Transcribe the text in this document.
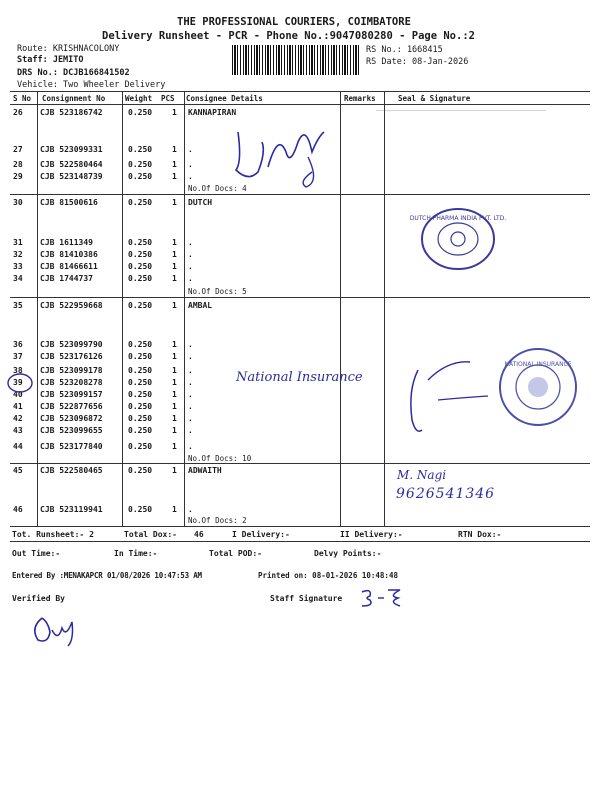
THE PROFESSIONAL COURIERS, COIMBATORE
Delivery Runsheet - PCR - Phone No.:9047080280 - Page No.:2
Route: KRISHNACOLONY
Staff: JEMITO
DRS No.: DCJB166841502
Vehicle: Two Wheeler Delivery
RS No.: 1668415
RS Date: 08-Jan-2026
S No Consignment No	Weight PCS Consignee Details	Remarks	Seal & Signature
26 CJB 523186742	0.250 1 KANNAPIRAN
27 CJB 523099331	0.250 1 .
28 CJB 522580464	0.250 1 .
29 CJB 523148739	0.250 1 .
No.Of Docs: 4
30 CJB 81500616	0.250 1 DUTCH
31 CJB 1611349	0.250 1 .
32 CJB 81410386	0.250 1 .
33 CJB 81466611	0.250 1 .
34 CJB 1744737	0.250 1 .
No.Of Docs: 5
35 CJB 522959668	0.250 1 AMBAL
36 CJB 523099790	0.250 1 .
37 CJB 523176126	0.250 1 .
38 CJB 523099178	0.250 1 .
39 CJB 523208278	0.250 1 .
40 CJB 523099157	0.250 1 .
41 CJB 522877656	0.250 1 .
42 CJB 523096872	0.250 1 .
43 CJB 523099655	0.250 1 .
44 CJB 523177840	0.250 1 .
No.Of Docs: 10
45 CJB 522580465	0.250 1 ADWAITH
46 CJB 523119941	0.250 1 .
No.Of Docs: 2
Tot. Runsheet:- 2	Total Dox:- 46	I Delivery:-	II Delivery:-	RTN Dox:-
Out Time:-	In Time:-	Total POD:-	Delvy Points:-
Entered By :MENAKAPCR 01/08/2026 10:47:53 AM	Printed on: 08-01-2026 10:48:48
Verified By	Staff Signature
DUTCH PHARMA INDIA PVT. LTD.
NATIONAL INSURANCE
National Insurance
M. Nagi
9626541346
